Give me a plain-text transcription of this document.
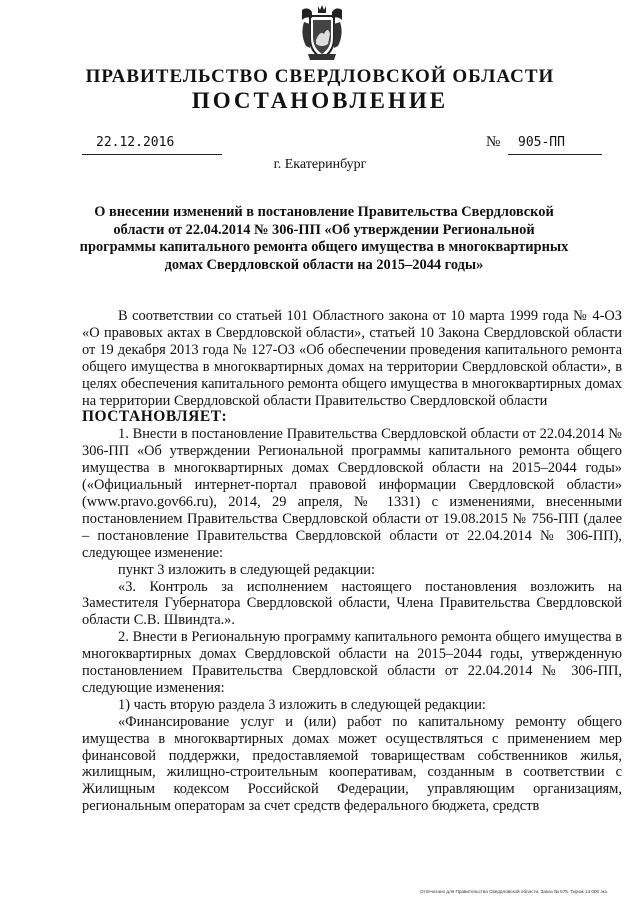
ПРАВИТЕЛЬСТВО СВЕРДЛОВСКОЙ ОБЛАСТИ
ПОСТАНОВЛЕНИЕ
22.12.2016	№	905-ПП
г. Екатеринбург
О внесении изменений в постановление Правительства Свердловской области от 22.04.2014 № 306-ПП «Об утверждении Региональной программы капитального ремонта общего имущества в многоквартирных домах Свердловской области на 2015–2044 годы»

В соответствии со статьей 101 Областного закона от 10 марта 1999 года № 4-ОЗ «О правовых актах в Свердловской области», статьей 10 Закона Свердловской области от 19 декабря 2013 года № 127-ОЗ «Об обеспечении проведения капитального ремонта общего имущества в многоквартирных домах на территории Свердловской области», в целях обеспечения капитального ремонта общего имущества в многоквартирных домах на территории Свердловской области Правительство Свердловской области

ПОСТАНОВЛЯЕТ:

1. Внести в постановление Правительства Свердловской области от 22.04.2014 № 306-ПП «Об утверждении Региональной программы капитального ремонта общего имущества в многоквартирных домах Свердловской области на 2015–2044 годы» («Официальный интернет-портал правовой информации Свердловской области» (www.pravo.gov66.ru), 2014, 29 апреля, № 1331) с изменениями, внесенными постановлением Правительства Свердловской области от 19.08.2015 № 756-ПП (далее – постановление Правительства Свердловской области от 22.04.2014 № 306-ПП), следующее изменение:

пункт 3 изложить в следующей редакции:

«3. Контроль за исполнением настоящего постановления возложить на Заместителя Губернатора Свердловской области, Члена Правительства Свердловской области С.В. Швиндта.».

2. Внести в Региональную программу капитального ремонта общего имущества в многоквартирных домах Свердловской области на 2015–2044 годы, утвержденную постановлением Правительства Свердловской области от 22.04.2014 № 306-ПП, следующие изменения:

1) часть вторую раздела 3 изложить в следующей редакции:

«Финансирование услуг и (или) работ по капитальному ремонту общего имущества в многоквартирных домах может осуществляться с применением мер финансовой поддержки, предоставляемой товариществам собственников жилья, жилищным, жилищно-строительным кооперативам, созданным в соответствии с Жилищным кодексом Российской Федерации, управляющим организациям, региональным операторам за счет средств федерального бюджета, средств

Отпечатано для Правительства Свердловской области. Заказ № 575. Тираж 14 000 экз.
